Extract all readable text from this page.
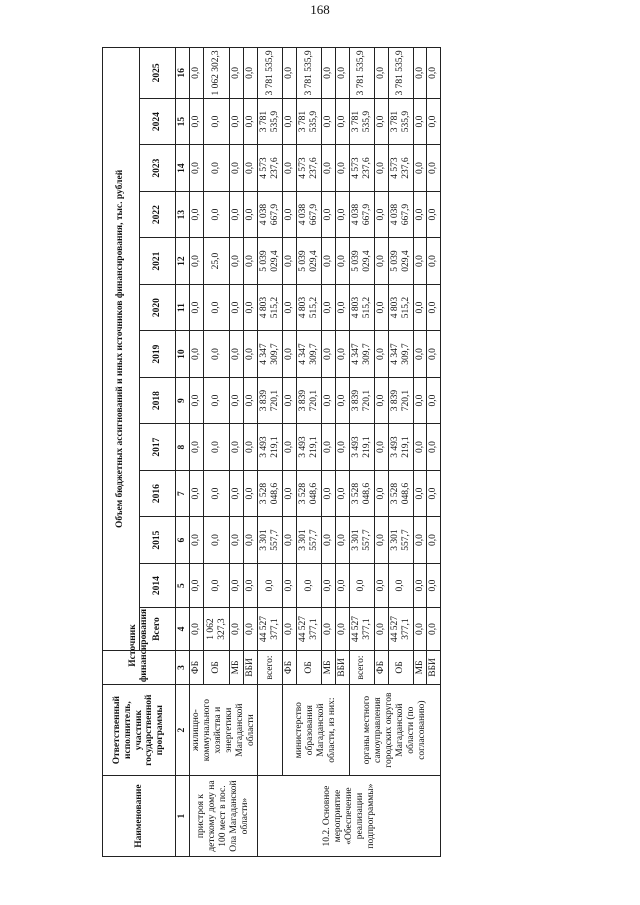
168
Наименование	Ответственный исполнитель, участник государственной программы	Источник финансирования	Объем бюджетных ассигнований и иных источников финансирования, тыс. рублей												
			Всего	2014	2015	2016	2017	2018	2019	2020	2021	2022	2023	2024	2025
1	2	3	4	5	6	7	8	9	10	11	12	13	14	15	16
пристроя к детскому дому на 100 мест в пос. Ола Магаданской области»	жилищно-коммунального хозяйства и энергетики Магаданской области	ФБ	0,0	0,0	0,0	0,0	0,0	0,0	0,0	0,0	0,0	0,0	0,0	0,0	0,0
		ОБ	1 062 327,3	0,0	0,0	0,0	0,0	0,0	0,0	0,0	25,0	0,0	0,0	0,0	1 062 302,3
		МБ	0,0	0,0	0,0	0,0	0,0	0,0	0,0	0,0	0,0	0,0	0,0	0,0	0,0
		ВБИ	0,0	0,0	0,0	0,0	0,0	0,0	0,0	0,0	0,0	0,0	0,0	0,0	0,0
10.2. Основное мероприятие «Обеспечение реализации подпрограммы»		всего:	44 527 377,1	0,0	3 301 557,7	3 528 048,6	3 493 219,1	3 839 720,1	4 347 309,7	4 803 515,2	5 039 029,4	4 038 667,9	4 573 237,6	3 781 535,9	3 781 535,9
	министерство образования Магаданской области, из них:	ФБ	0,0	0,0	0,0	0,0	0,0	0,0	0,0	0,0	0,0	0,0	0,0	0,0	0,0
		ОБ	44 527 377,1	0,0	3 301 557,7	3 528 048,6	3 493 219,1	3 839 720,1	4 347 309,7	4 803 515,2	5 039 029,4	4 038 667,9	4 573 237,6	3 781 535,9	3 781 535,9
		МБ	0,0	0,0	0,0	0,0	0,0	0,0	0,0	0,0	0,0	0,0	0,0	0,0	0,0
		ВБИ	0,0	0,0	0,0	0,0	0,0	0,0	0,0	0,0	0,0	0,0	0,0	0,0	0,0
	органы местного самоуправления городских округов Магаданской области (по согласованию)	всего:	44 527 377,1	0,0	3 301 557,7	3 528 048,6	3 493 219,1	3 839 720,1	4 347 309,7	4 803 515,2	5 039 029,4	4 038 667,9	4 573 237,6	3 781 535,9	3 781 535,9
		ФБ	0,0	0,0	0,0	0,0	0,0	0,0	0,0	0,0	0,0	0,0	0,0	0,0	0,0
		ОБ	44 527 377,1	0,0	3 301 557,7	3 528 048,6	3 493 219,1	3 839 720,1	4 347 309,7	4 803 515,2	5 039 029,4	4 038 667,9	4 573 237,6	3 781 535,9	3 781 535,9
		МБ	0,0	0,0	0,0	0,0	0,0	0,0	0,0	0,0	0,0	0,0	0,0	0,0	0,0
		ВБИ	0,0	0,0	0,0	0,0	0,0	0,0	0,0	0,0	0,0	0,0	0,0	0,0	0,0
